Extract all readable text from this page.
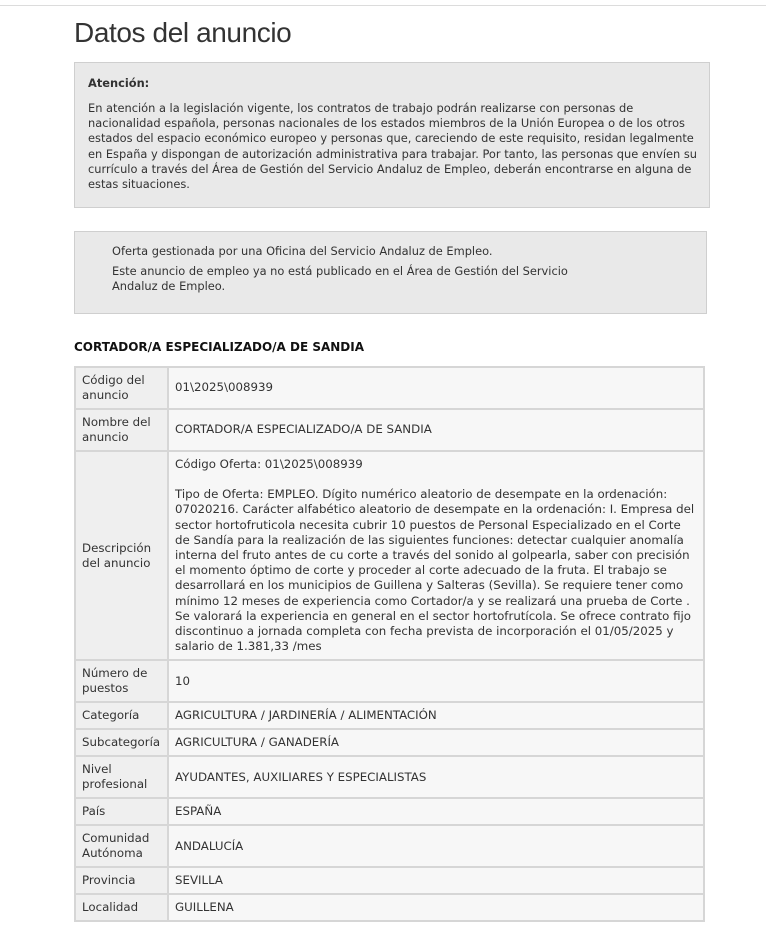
Datos del anuncio

Atención:

En atención a la legislación vigente, los contratos de trabajo podrán realizarse con personas de nacionalidad española, personas nacionales de los estados miembros de la Unión Europea o de los otros estados del espacio económico europeo y personas que, careciendo de este requisito, residan legalmente en España y dispongan de autorización administrativa para trabajar. Por tanto, las personas que envíen su currículo a través del Área de Gestión del Servicio Andaluz de Empleo, deberán encontrarse en alguna de estas situaciones.

Oferta gestionada por una Oficina del Servicio Andaluz de Empleo.

Este anuncio de empleo ya no está publicado en el Área de Gestión del Servicio Andaluz de Empleo.

CORTADOR/A ESPECIALIZADO/A DE SANDIA
Código del anuncio	01\2025\008939
Nombre del anuncio	CORTADOR/A ESPECIALIZADO/A DE SANDIA
Descripción del anuncio	Código Oferta: 01\2025\008939

Tipo de Oferta: EMPLEO. Dígito numérico aleatorio de desempate en la ordenación: 07020216. Carácter alfabético aleatorio de desempate en la ordenación: I. Empresa del sector hortofruticola necesita cubrir 10 puestos de Personal Especializado en el Corte de Sandía para la realización de las siguientes funciones: detectar cualquier anomalía interna del fruto antes de cu corte a través del sonido al golpearla, saber con precisión el momento óptimo de corte y proceder al corte adecuado de la fruta. El trabajo se desarrollará en los municipios de Guillena y Salteras (Sevilla). Se requiere tener como mínimo 12 meses de experiencia como Cortador/a y se realizará una prueba de Corte . Se valorará la experiencia en general en el sector hortofrutícola. Se ofrece contrato fijo discontinuo a jornada completa con fecha prevista de incorporación el 01/05/2025 y salario de 1.381,33 /mes

Número de puestos	10
Categoría	AGRICULTURA / JARDINERÍA / ALIMENTACIÓN
Subcategoría	AGRICULTURA / GANADERÍA
Nivel profesional	AYUDANTES, AUXILIARES Y ESPECIALISTAS
País	ESPAÑA
Comunidad Autónoma	ANDALUCÍA
Provincia	SEVILLA
Localidad	GUILLENA
